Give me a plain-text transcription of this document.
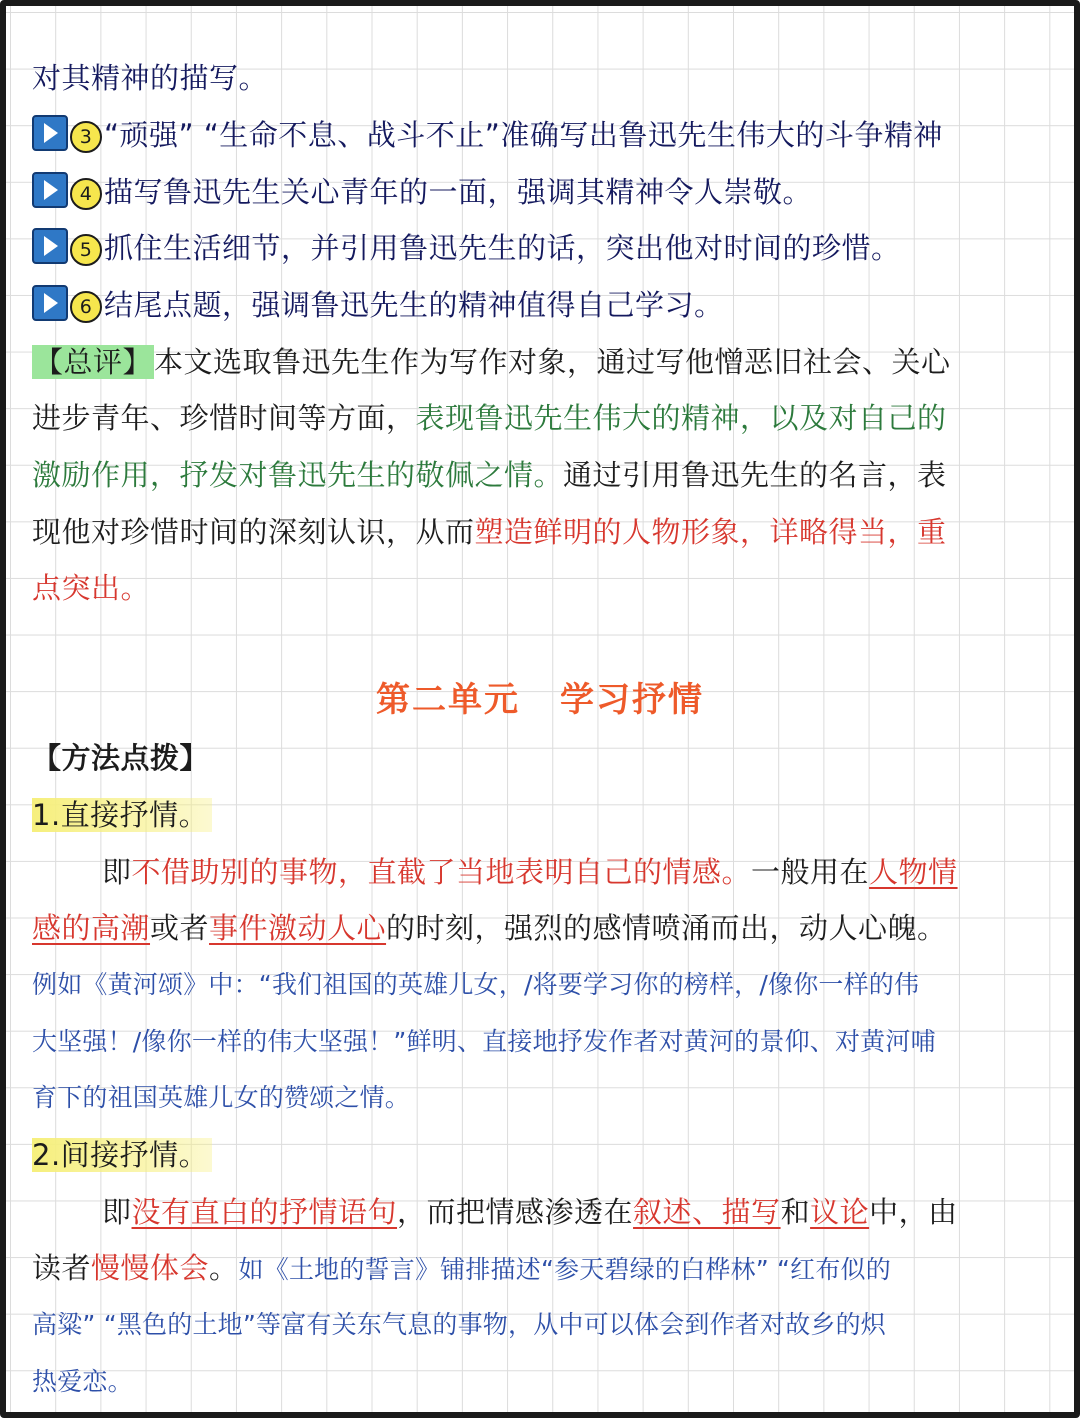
对其精神的描写。
3 “顽强” “生命不息、战斗不止”准确写出鲁迅先生伟大的斗争精神
4 描写鲁迅先生关心青年的一面，强调其精神令人崇敬。
5 抓住生活细节，并引用鲁迅先生的话，突出他对时间的珍惜。
6 结尾点题，强调鲁迅先生的精神值得自己学习。
【总评】本文选取鲁迅先生作为写作对象，通过写他憎恶旧社会、关心
进步青年、珍惜时间等方面，表现鲁迅先生伟大的精神，以及对自己的
激励作用，抒发对鲁迅先生的敬佩之情。通过引用鲁迅先生的名言，表
现他对珍惜时间的深刻认识，从而塑造鲜明的人物形象，详略得当，重
点突出。
第二单元 学习抒情
【方法点拨】
1.直接抒情。
即不借助别的事物，直截了当地表明自己的情感。一般用在人物情
感的高潮或者事件激动人心的时刻，强烈的感情喷涌而出，动人心魄。
例如《黄河颂》中：“我们祖国的英雄儿女，/将要学习你的榜样，/像你一样的伟
大坚强！/像你一样的伟大坚强！”鲜明、直接地抒发作者对黄河的景仰、对黄河哺
育下的祖国英雄儿女的赞颂之情。
2.间接抒情。
即没有直白的抒情语句，而把情感渗透在叙述、描写和议论中，由
读者慢慢体会。如《土地的誓言》铺排描述“参天碧绿的白桦林” “红布似的
高粱” “黑色的土地”等富有关东气息的事物，从中可以体会到作者对故乡的炽
热爱恋。
